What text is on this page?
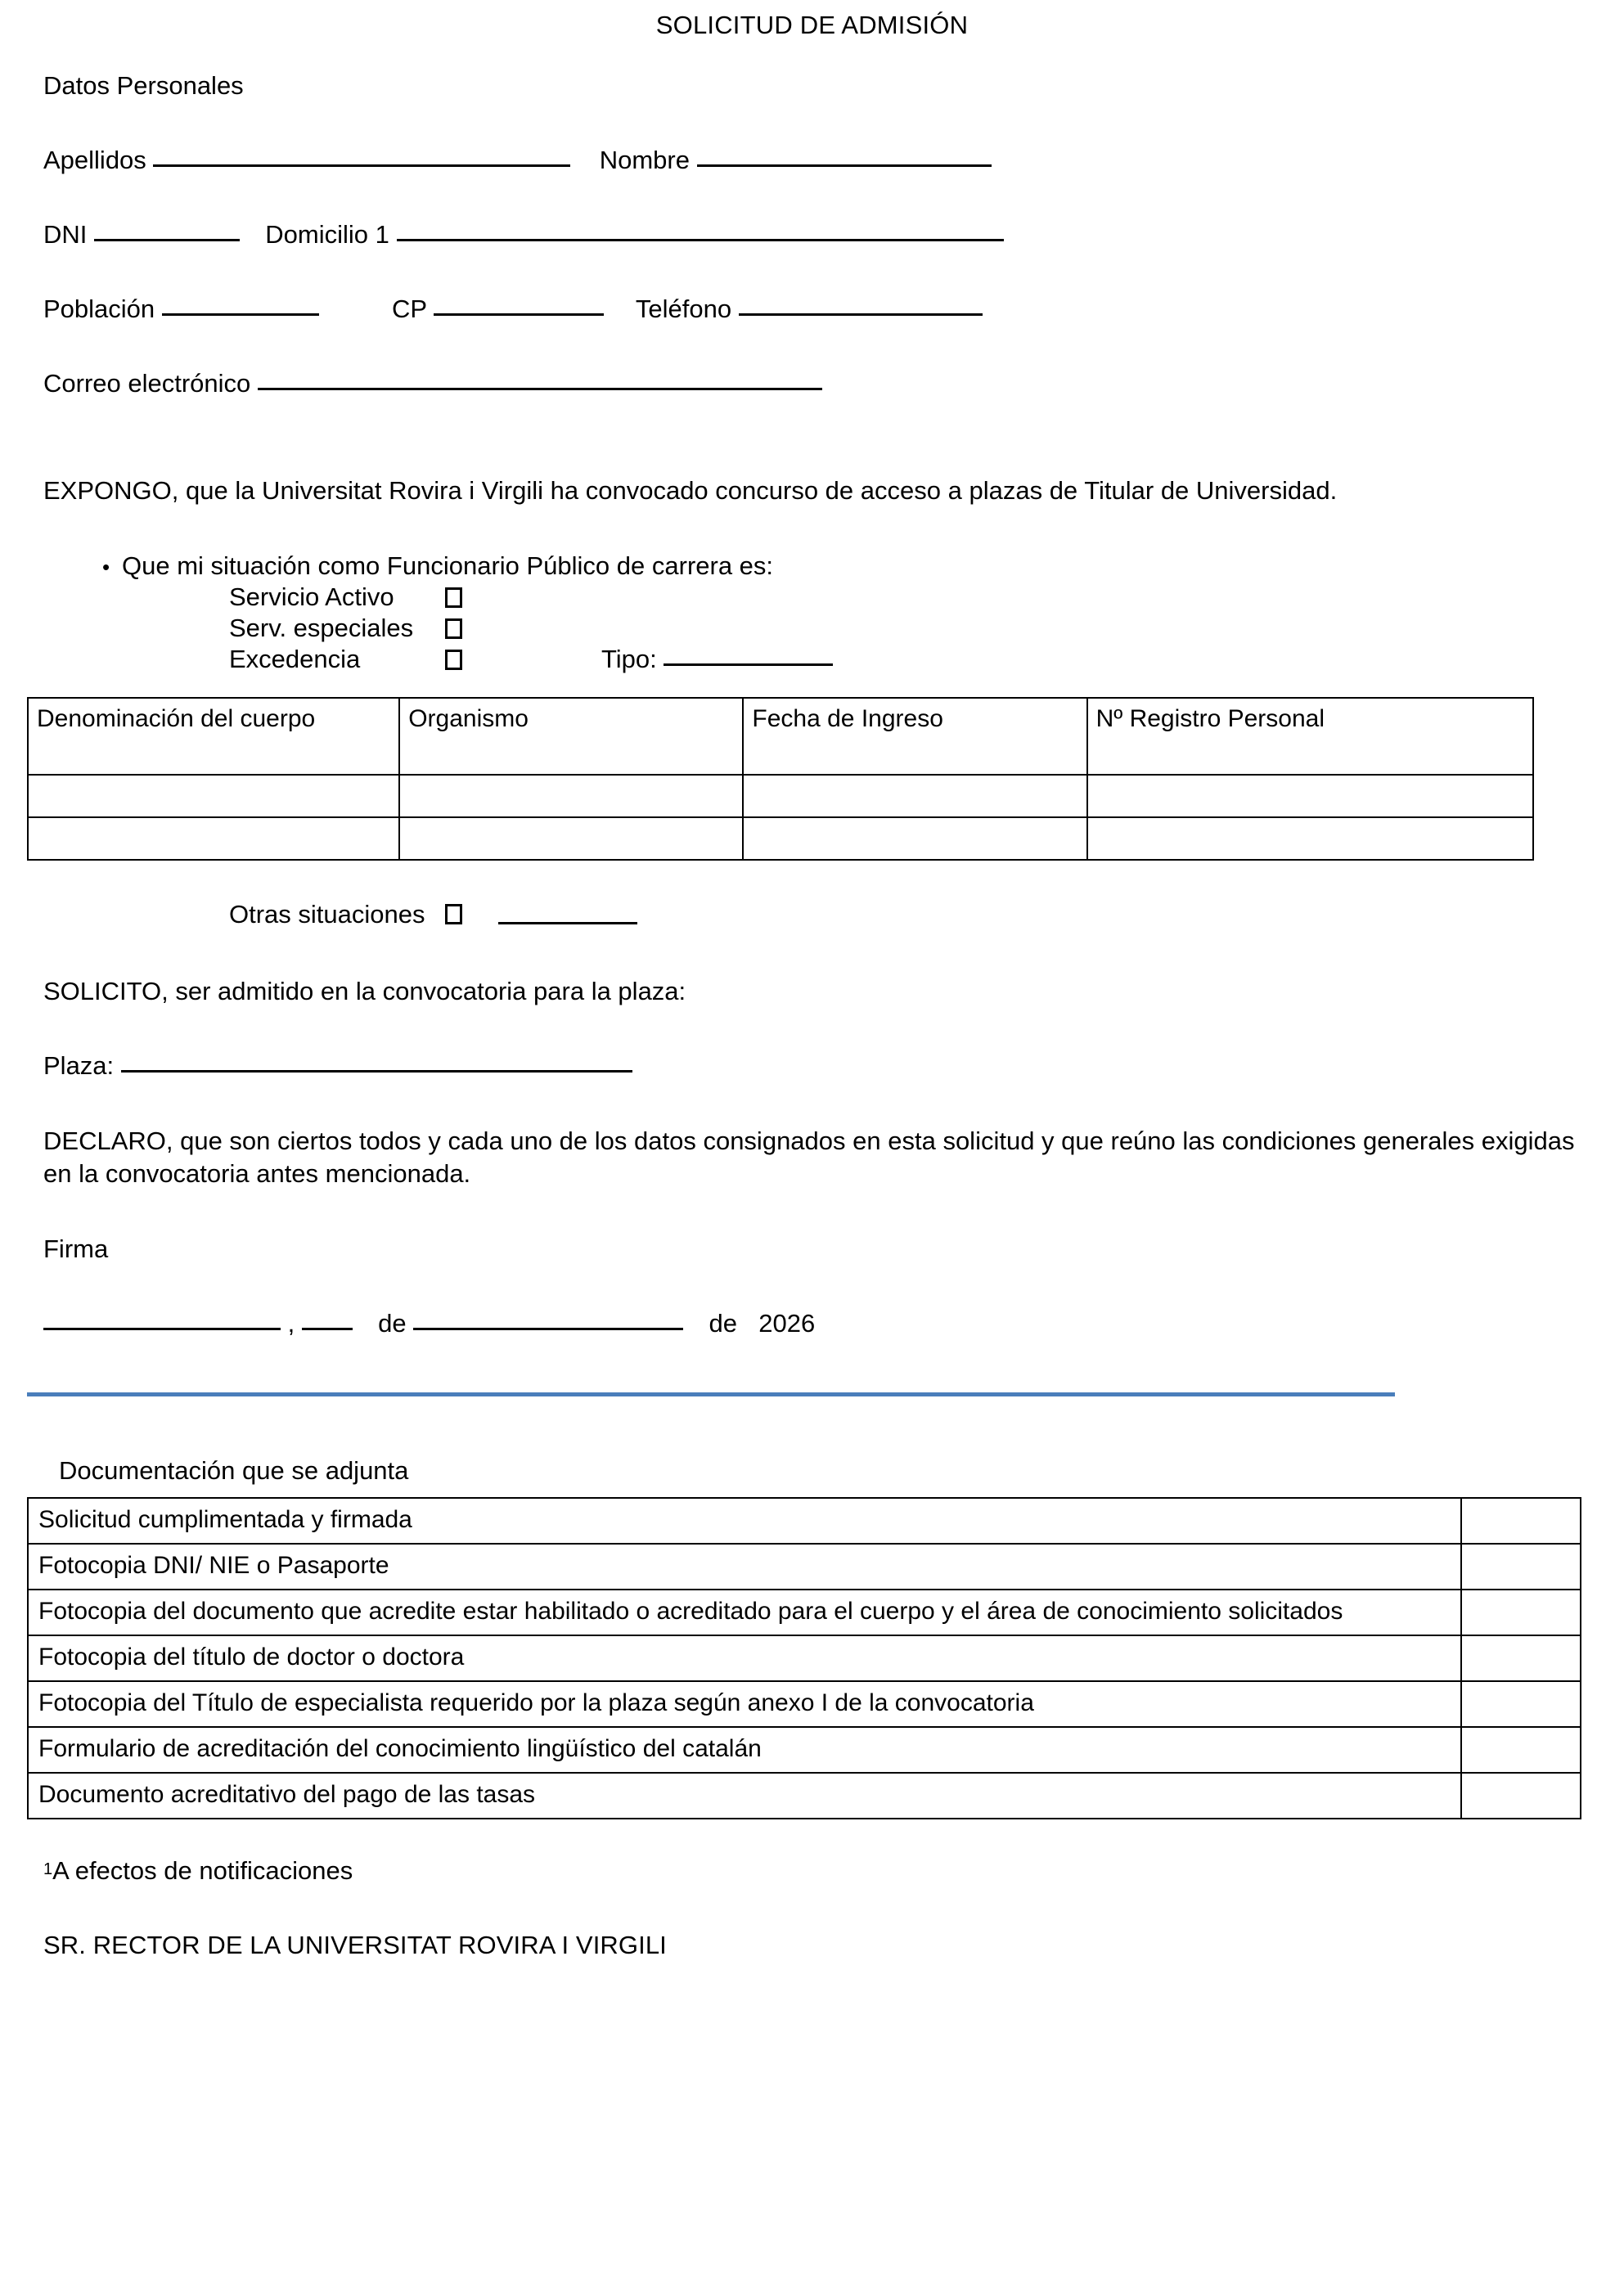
SOLICITUD DE ADMISIÓN
Datos Personales
Apellidos	Nombre
DNI	Domicilio 1
Población	CP	Teléfono
Correo electrónico

EXPONGO, que la Universitat Rovira i Virgili ha convocado concurso de acceso a plazas de Titular de Universidad.

• Que mi situación como Funcionario Público de carrera es:
Servicio Activo
Serv. especiales
Excedencia	Tipo:
Denominación del cuerpo	Organismo	Fecha de Ingreso	Nº Registro Personal

Otras situaciones

SOLICITO, ser admitido en la convocatoria para la plaza:

Plaza:

DECLARO, que son ciertos todos y cada uno de los datos consignados en esta solicitud y que reúno las condiciones generales exigidas en la convocatoria antes mencionada.

Firma
,	de	de 2026
Documentación que se adjunta
Solicitud cumplimentada y firmada	
Fotocopia DNI/ NIE o Pasaporte	
Fotocopia del documento que acredite estar habilitado o acreditado para el cuerpo y el área de conocimiento solicitados	
Fotocopia del título de doctor o doctora	
Fotocopia del Título de especialista requerido por la plaza según anexo I de la convocatoria	
Formulario de acreditación del conocimiento lingüístico del catalán	
Documento acreditativo del pago de las tasas	
$^1$A efectos de notificaciones
SR. RECTOR DE LA UNIVERSITAT ROVIRA I VIRGILI
